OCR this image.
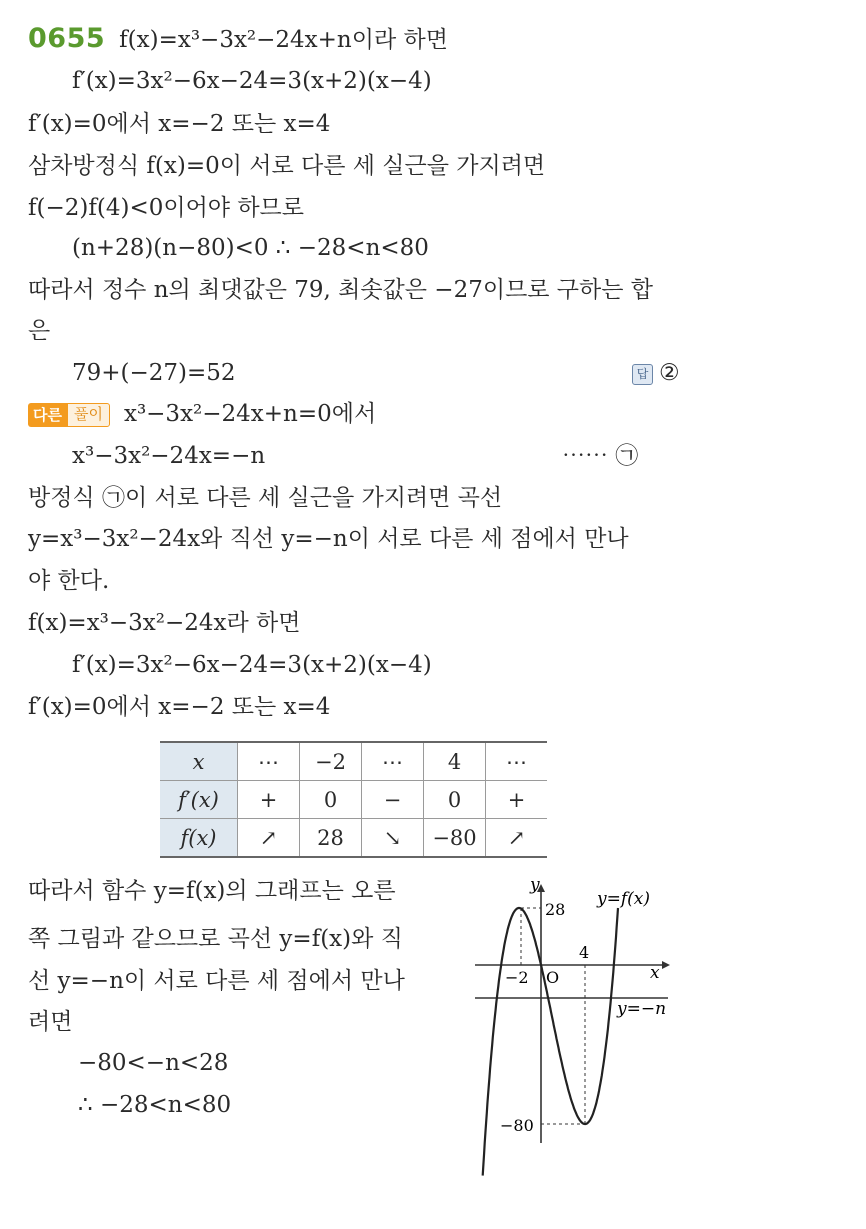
0655 f(x)=x³−3x²−24x+n이라 하면
f′(x)=3x²−6x−24=3(x+2)(x−4)
f′(x)=0에서 x=−2 또는 x=4
삼차방정식 f(x)=0이 서로 다른 세 실근을 가지려면
f(−2)f(4)<0이어야 하므로
(n+28)(n−80)<0 ∴ −28<n<80
따라서 정수 n의 최댓값은 79, 최솟값은 −27이므로 구하는 합
은
79+(−27)=52	답 ②
다른 풀이 x³−3x²−24x+n=0에서
x³−3x²−24x=−n	⋯⋯ ㉠
방정식 ㉠이 서로 다른 세 실근을 가지려면 곡선
y=x³−3x²−24x와 직선 y=−n이 서로 다른 세 점에서 만나
야 한다.
f(x)=x³−3x²−24x라 하면
f′(x)=3x²−6x−24=3(x+2)(x−4)
f′(x)=0에서 x=−2 또는 x=4
x	⋯	−2	⋯	4	⋯
f′(x)	+	0	−	0	+
f(x)	↗	28	↘	−80	↗
따라서 함수 y=f(x)의 그래프는 오른
쪽 그림과 같으므로 곡선 y=f(x)와 직
선 y=−n이 서로 다른 세 점에서 만나
려면
−80<−n<28
∴ −28<n<80
y
x
O
28
−80
−2
4
y=f(x)
y=−n
